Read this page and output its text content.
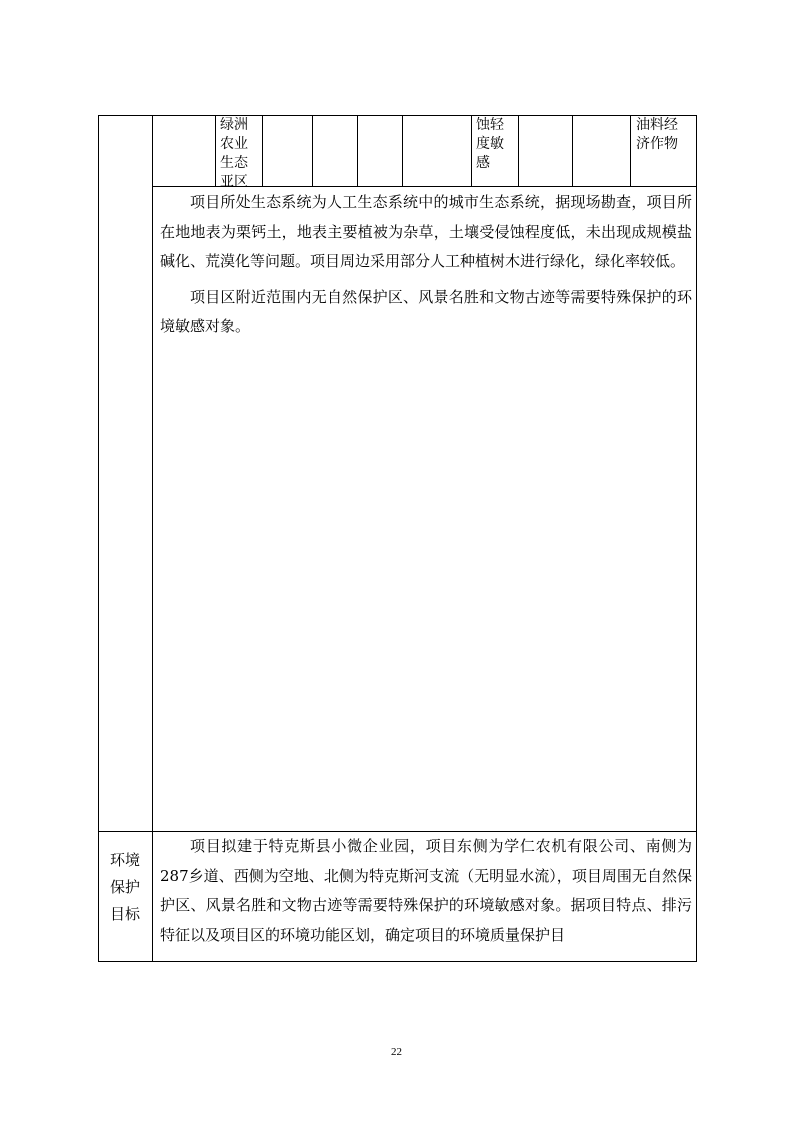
绿洲
农业
生态
亚区
蚀轻
度敏
感
油料经
济作物
项目所处生态系统为人工生态系统中的城市生态系统，据现场勘查，项目所在地地表为栗钙土，地表主要植被为杂草，土壤受侵蚀程度低，未出现成规模盐碱化、荒漠化等问题。项目周边采用部分人工种植树木进行绿化，绿化率较低。
项目区附近范围内无自然保护区、风景名胜和文物古迹等需要特殊保护的环境敏感对象。
环境
保护
目标
项目拟建于特克斯县小微企业园，项目东侧为学仁农机有限公司、南侧为287乡道、西侧为空地、北侧为特克斯河支流（无明显水流），项目周围无自然保护区、风景名胜和文物古迹等需要特殊保护的环境敏感对象。据项目特点、排污特征以及项目区的环境功能区划，确定项目的环境质量保护目
22
